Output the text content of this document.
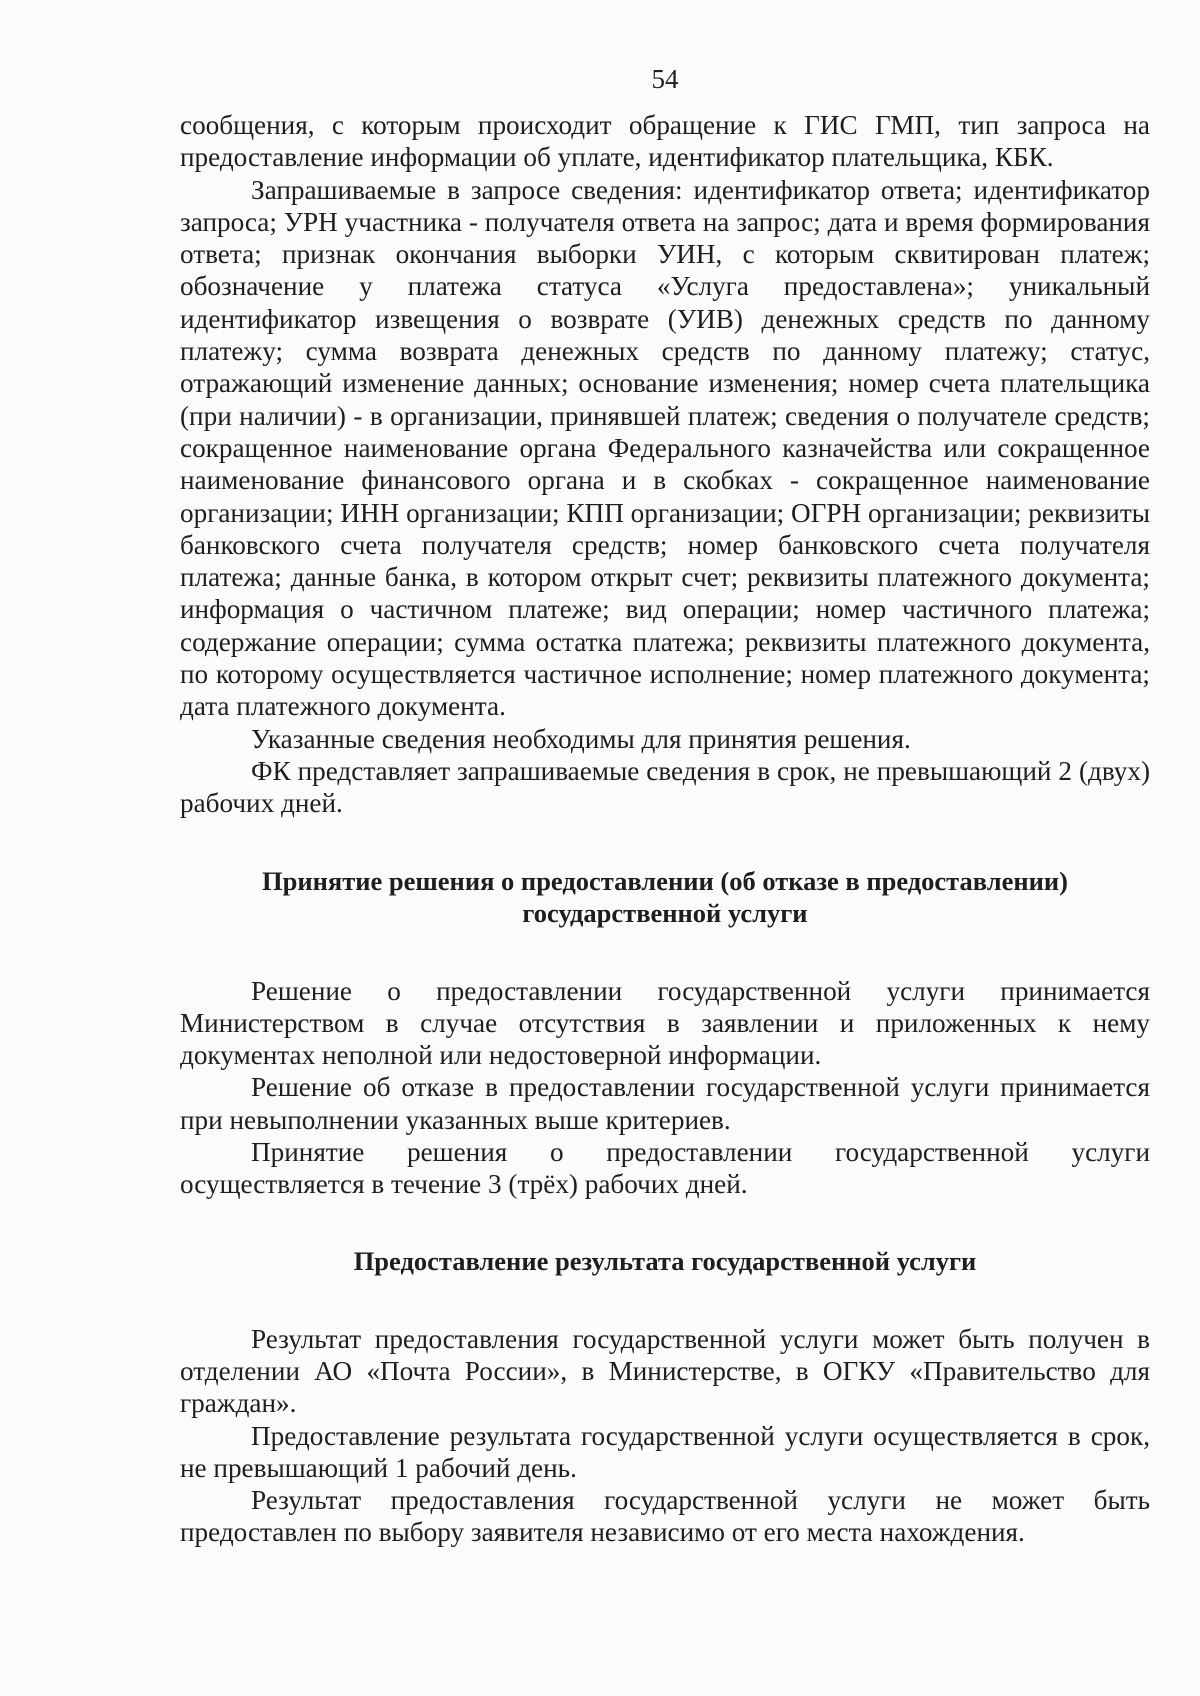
54

сообщения, с которым происходит обращение к ГИС ГМП, тип запроса на предоставление информации об уплате, идентификатор плательщика, КБК.

Запрашиваемые в запросе сведения: идентификатор ответа; идентификатор запроса; УРН участника - получателя ответа на запрос; дата и время формирования ответа; признак окончания выборки УИН, с которым сквитирован платеж; обозначение у платежа статуса «Услуга предоставлена»; уникальный идентификатор извещения о возврате (УИВ) денежных средств по данному платежу; сумма возврата денежных средств по данному платежу; статус, отражающий изменение данных; основание изменения; номер счета плательщика (при наличии) - в организации, принявшей платеж; сведения о получателе средств; сокращенное наименование органа Федерального казначейства или сокращенное наименование финансового органа и в скобках - сокращенное наименование организации; ИНН организации; КПП организации; ОГРН организации; реквизиты банковского счета получателя средств; номер банковского счета получателя платежа; данные банка, в котором открыт счет; реквизиты платежного документа; информация о частичном платеже; вид операции; номер частичного платежа; содержание операции; сумма остатка платежа; реквизиты платежного документа, по которому осуществляется частичное исполнение; номер платежного документа; дата платежного документа.

Указанные сведения необходимы для принятия решения.

ФК представляет запрашиваемые сведения в срок, не превышающий 2 (двух) рабочих дней.

Принятие решения о предоставлении (об отказе в предоставлении) государственной услуги

Решение о предоставлении государственной услуги принимается Министерством в случае отсутствия в заявлении и приложенных к нему документах неполной или недостоверной информации.

Решение об отказе в предоставлении государственной услуги принимается при невыполнении указанных выше критериев.

Принятие решения о предоставлении государственной услуги осуществляется в течение 3 (трёх) рабочих дней.

Предоставление результата государственной услуги

Результат предоставления государственной услуги может быть получен в отделении АО «Почта России», в Министерстве, в ОГКУ «Правительство для граждан».

Предоставление результата государственной услуги осуществляется в срок, не превышающий 1 рабочий день.

Результат предоставления государственной услуги не может быть предоставлен по выбору заявителя независимо от его места нахождения.
